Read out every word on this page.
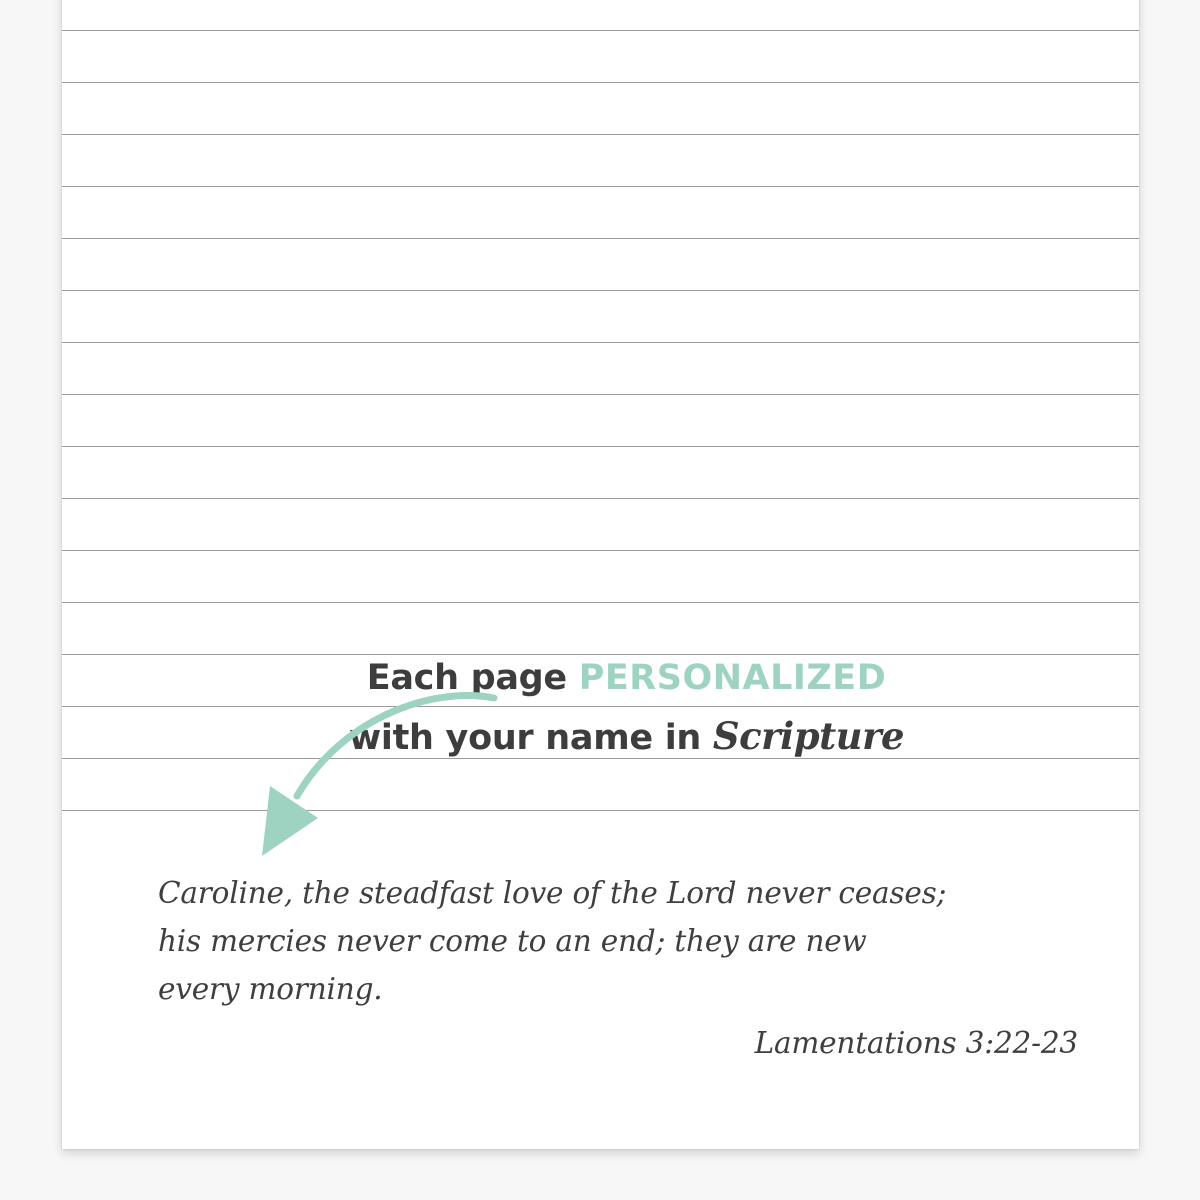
Each page PERSONALIZED
with your name in Scripture
Caroline, the steadfast love of the Lord never ceases;
his mercies never come to an end; they are new
every morning.
Lamentations 3:22-23
